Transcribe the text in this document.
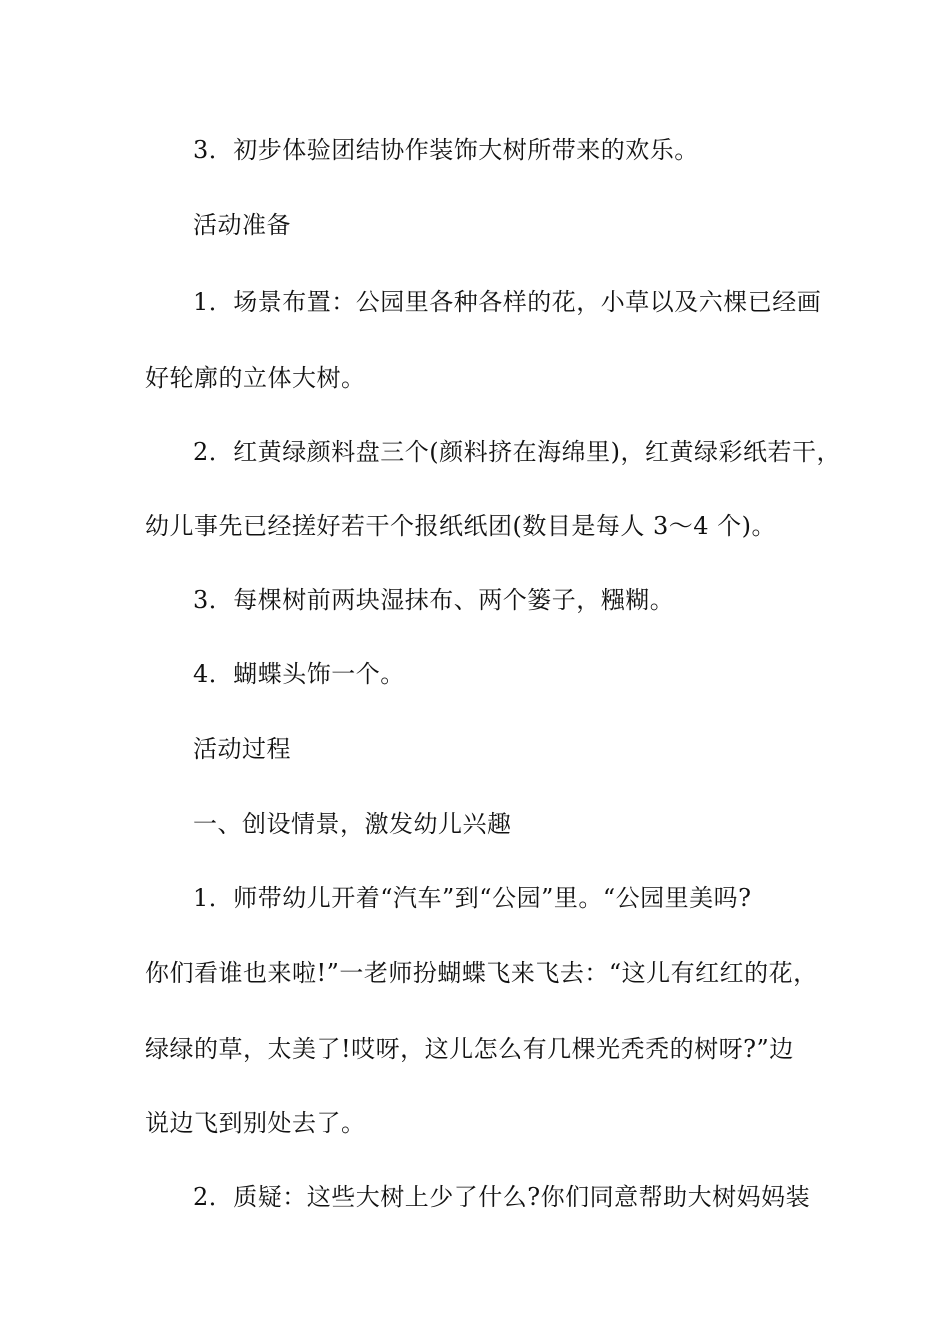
3．初步体验团结协作装饰大树所带来的欢乐。
活动准备
1．场景布置：公园里各种各样的花，小草以及六棵已经画
好轮廓的立体大树。
2．红黄绿颜料盘三个(颜料挤在海绵里)，红黄绿彩纸若干，
幼儿事先已经搓好若干个报纸纸团(数目是每人 3～4 个)。
3．每棵树前两块湿抹布、两个篓子，糨糊。
4．蝴蝶头饰一个。
活动过程
一、创设情景，激发幼儿兴趣
1．师带幼儿开着“汽车”到“公园”里。“公园里美吗?
你们看谁也来啦!”一老师扮蝴蝶飞来飞去：“这儿有红红的花，
绿绿的草，太美了!哎呀，这儿怎么有几棵光秃秃的树呀?”边
说边飞到别处去了。
2．质疑：这些大树上少了什么?你们同意帮助大树妈妈装
